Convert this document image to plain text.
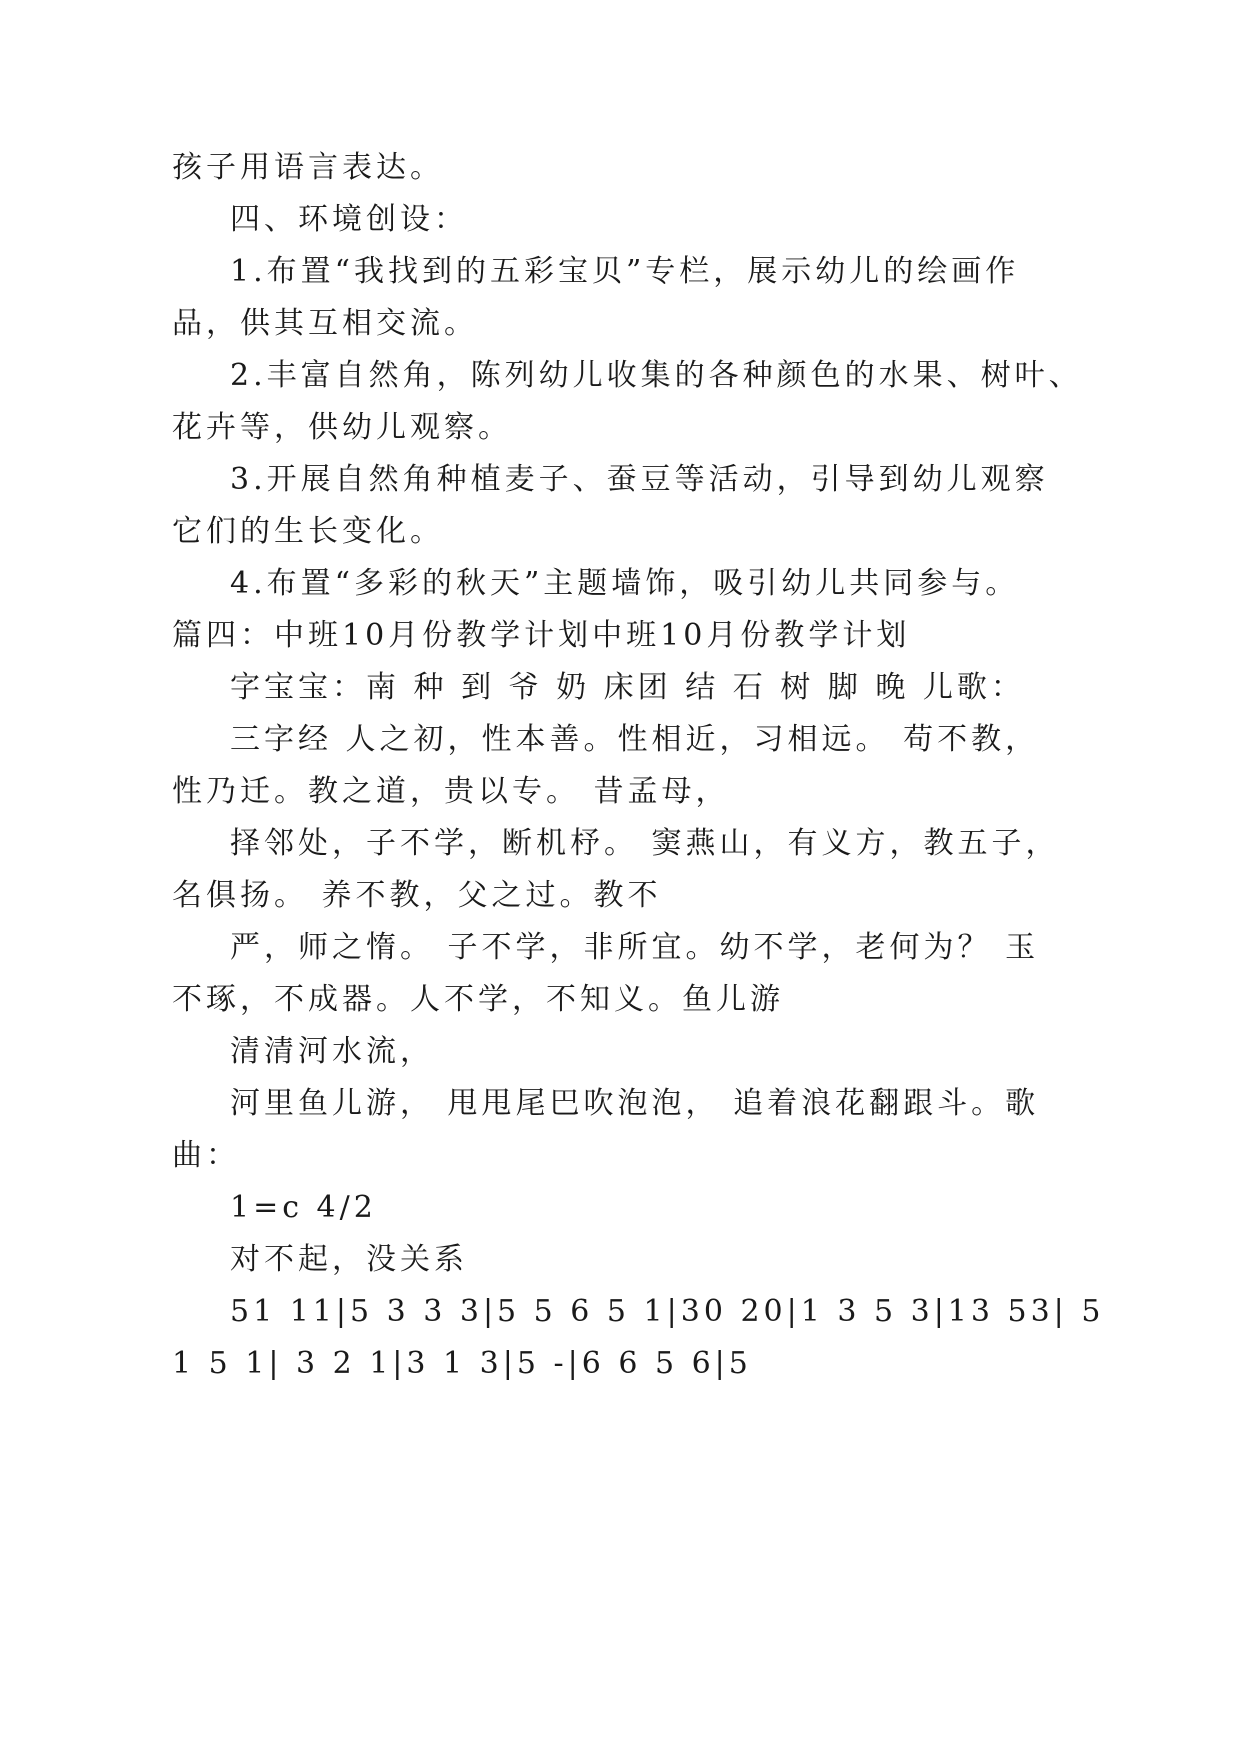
孩子用语言表达。
四、环境创设：
1.布置“我找到的五彩宝贝”专栏，展示幼儿的绘画作
品，供其互相交流。
2.丰富自然角，陈列幼儿收集的各种颜色的水果、树叶、
花卉等，供幼儿观察。
3.开展自然角种植麦子、蚕豆等活动，引导到幼儿观察
它们的生长变化。
4.布置“多彩的秋天”主题墙饰，吸引幼儿共同参与。
篇四：中班10月份教学计划中班10月份教学计划
字宝宝：南 种 到 爷 奶 床团 结 石 树 脚 晚 儿歌：
三字经 人之初，性本善。性相近，习相远。 苟不教，
性乃迁。教之道，贵以专。 昔孟母，
择邻处，子不学，断机杼。 窦燕山，有义方，教五子，
名俱扬。 养不教，父之过。教不
严，师之惰。 子不学，非所宜。幼不学，老何为？ 玉
不琢，不成器。人不学，不知义。鱼儿游
清清河水流，
河里鱼儿游， 甩甩尾巴吹泡泡， 追着浪花翻跟斗。歌
曲：
1=c 4/2
对不起，没关系
51 11|5 3 3 3|5 5 6 5 1|30 20|1 3 5 3|13 53| 5
1 5 1| 3 2 1|3 1 3|5 -|6 6 5 6|5
